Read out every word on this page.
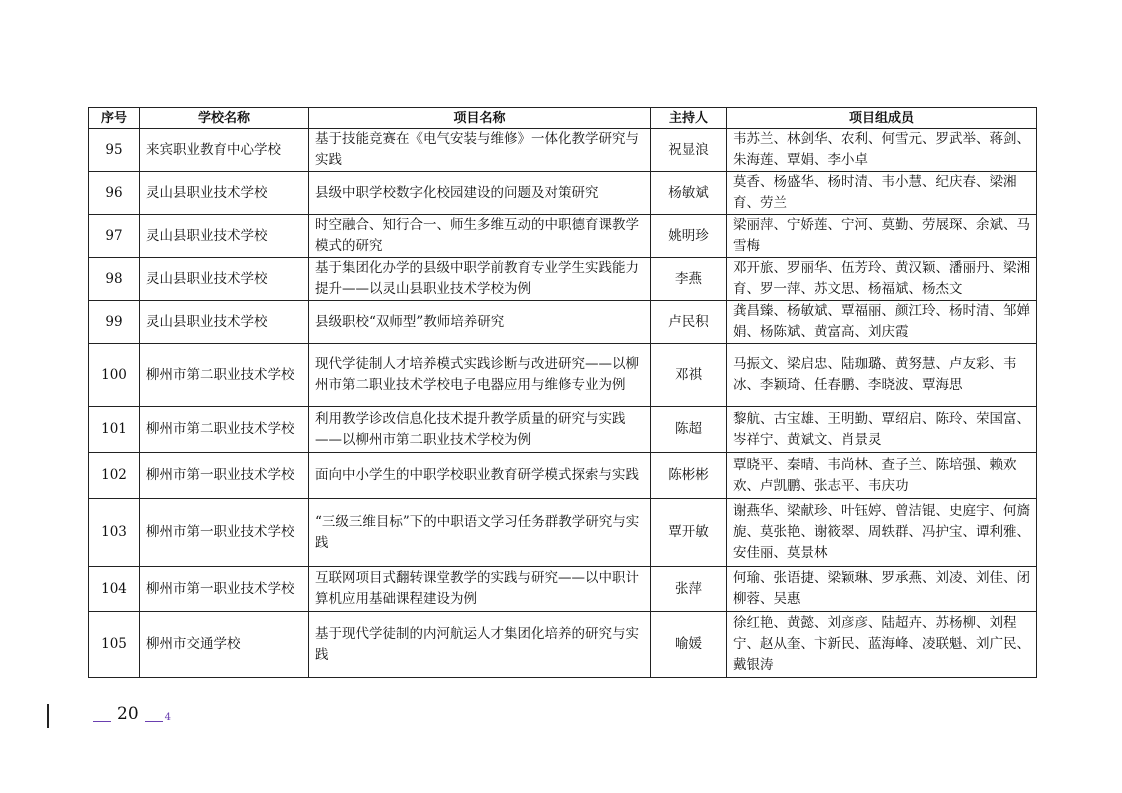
序号	学校名称	项目名称	主持人	项目组成员
95	来宾职业教育中心学校	基于技能竞赛在《电气安装与维修》一体化教学研究与实践	祝显浪	韦苏兰、林剑华、农利、何雪元、罗武举、蒋剑、朱海莲、覃娟、李小卓
96	灵山县职业技术学校	县级中职学校数字化校园建设的问题及对策研究	杨敏斌	莫香、杨盛华、杨时清、韦小慧、纪庆春、梁湘育、劳兰
97	灵山县职业技术学校	时空融合、知行合一、师生多维互动的中职德育课教学模式的研究	姚明珍	梁丽萍、宁娇莲、宁河、莫勤、劳展琛、余斌、马雪梅
98	灵山县职业技术学校	基于集团化办学的县级中职学前教育专业学生实践能力提升——以灵山县职业技术学校为例	李燕	邓开旅、罗丽华、伍芳玲、黄汉颖、潘丽丹、梁湘育、罗一萍、苏文思、杨福斌、杨杰文
99	灵山县职业技术学校	县级职校“双师型”教师培养研究	卢民积	龚昌臻、杨敏斌、覃福丽、颜江玲、杨时清、邹婵娟、杨陈斌、黄富高、刘庆霞
100	柳州市第二职业技术学校	现代学徒制人才培养模式实践诊断与改进研究——以柳州市第二职业技术学校电子电器应用与维修专业为例	邓祺	马振文、梁启忠、陆珈璐、黄努慧、卢友彩、韦冰、李颖琦、任春鹏、李晓波、覃海思
101	柳州市第二职业技术学校	利用教学诊改信息化技术提升教学质量的研究与实践——以柳州市第二职业技术学校为例	陈超	黎航、古宝雄、王明勤、覃绍启、陈玲、荣国富、岑祥宁、黄斌文、肖景灵
102	柳州市第一职业技术学校	面向中小学生的中职学校职业教育研学模式探索与实践	陈彬彬	覃晓平、秦晴、韦尚林、查子兰、陈培强、赖欢欢、卢凯鹏、张志平、韦庆功
103	柳州市第一职业技术学校	“三级三维目标”下的中职语文学习任务群教学研究与实践	覃开敏	谢燕华、梁献珍、叶钰婷、曾洁锟、史庭宇、何旖旎、莫张艳、谢筱翠、周轶群、冯护宝、谭利雅、安佳丽、莫景林
104	柳州市第一职业技术学校	互联网项目式翻转课堂教学的实践与研究——以中职计算机应用基础课程建设为例	张萍	何瑜、张语捷、梁颖琳、罗承燕、刘凌、刘佳、闭柳蓉、吴惠
105	柳州市交通学校	基于现代学徒制的内河航运人才集团化培养的研究与实践	喻媛	徐红艳、黄懿、刘彦彦、陆超卉、苏杨柳、刘程宁、赵从奎、卞新民、蓝海峰、凌联魁、刘广民、戴银涛
20	4
